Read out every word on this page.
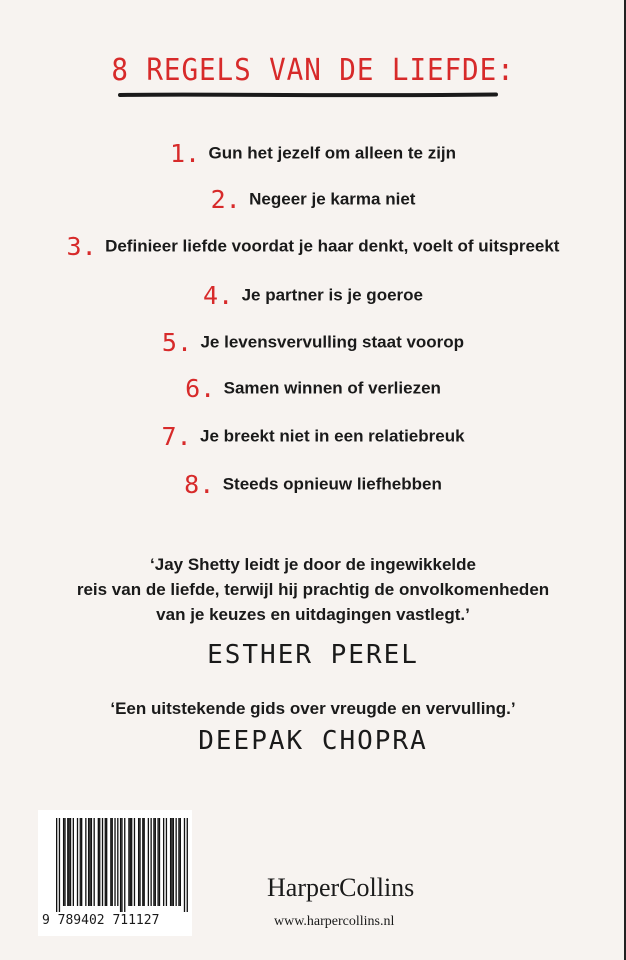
8 REGELS VAN DE LIEFDE:
1. Gun het jezelf om alleen te zijn
2. Negeer je karma niet
3. Definieer liefde voordat je haar denkt, voelt of uitspreekt
4. Je partner is je goeroe
5. Je levensvervulling staat voorop
6. Samen winnen of verliezen
7. Je breekt niet in een relatiebreuk
8. Steeds opnieuw liefhebben
‘Jay Shetty leidt je door de ingewikkelde
reis van de liefde, terwijl hij prachtig de onvolkomenheden
van je keuzes en uitdagingen vastlegt.’
ESTHER PEREL
‘Een uitstekende gids over vreugde en vervulling.’
DEEPAK CHOPRA
9 789402 711127
HarperCollins
www.harpercollins.nl
